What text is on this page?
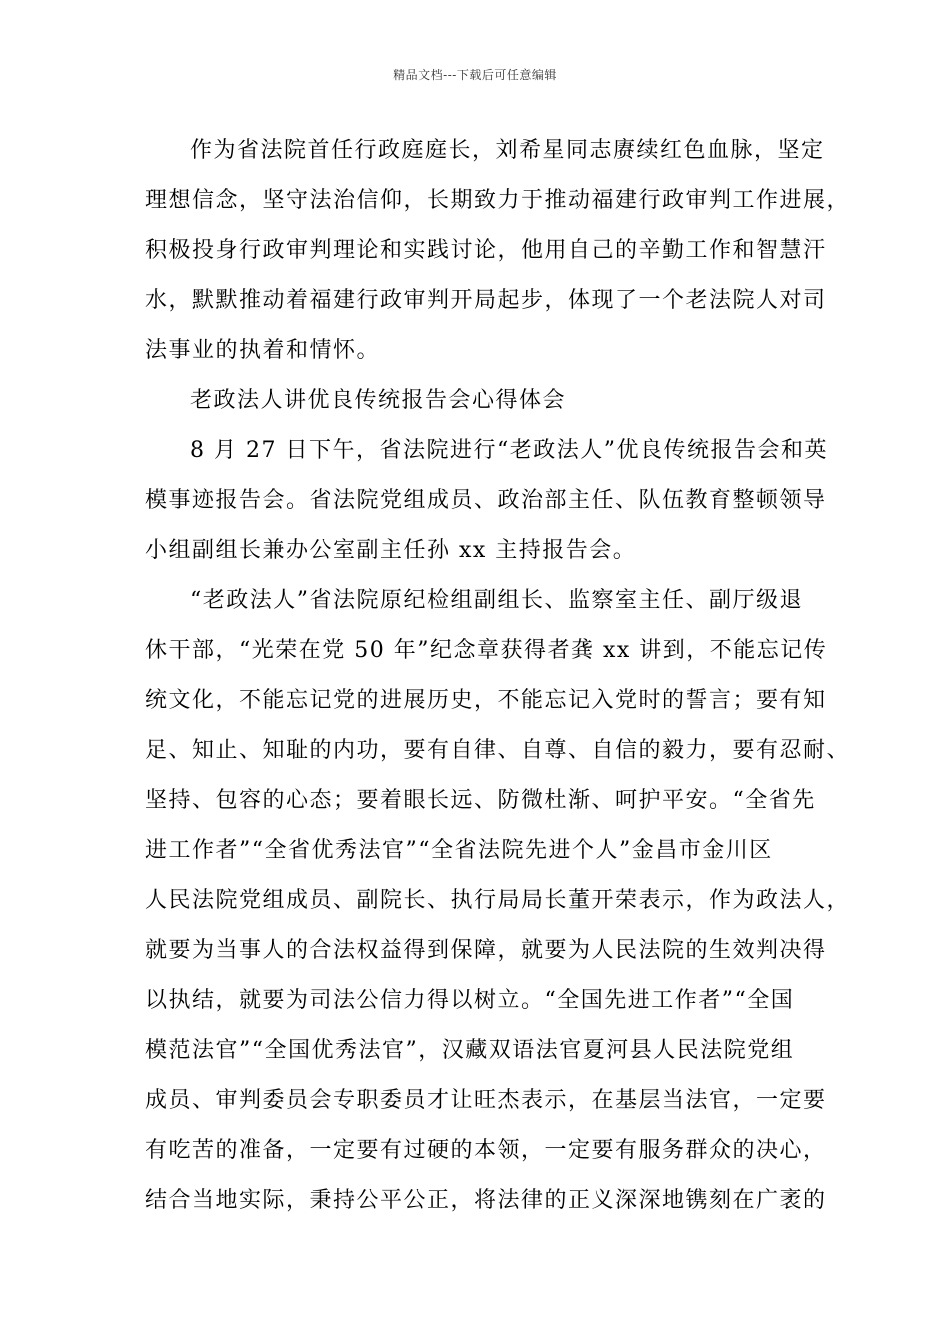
精品文档---下载后可任意编辑
作为省法院首任行政庭庭长，刘希星同志赓续红色血脉，坚定
理想信念，坚守法治信仰，长期致力于推动福建行政审判工作进展，
积极投身行政审判理论和实践讨论，他用自己的辛勤工作和智慧汗
水，默默推动着福建行政审判开局起步，体现了一个老法院人对司
法事业的执着和情怀。
老政法人讲优良传统报告会心得体会
8 月 27 日下午，省法院进行“老政法人”优良传统报告会和英
模事迹报告会。省法院党组成员、政治部主任、队伍教育整顿领导
小组副组长兼办公室副主任孙 xx 主持报告会。
“老政法人”省法院原纪检组副组长、监察室主任、副厅级退
休干部，“光荣在党 50 年”纪念章获得者龚 xx 讲到，不能忘记传
统文化，不能忘记党的进展历史，不能忘记入党时的誓言；要有知
足、知止、知耻的内功，要有自律、自尊、自信的毅力，要有忍耐、
坚持、包容的心态；要着眼长远、防微杜渐、呵护平安。“全省先
进工作者”“全省优秀法官”“全省法院先进个人”金昌市金川区
人民法院党组成员、副院长、执行局局长董开荣表示，作为政法人，
就要为当事人的合法权益得到保障，就要为人民法院的生效判决得
以执结，就要为司法公信力得以树立。“全国先进工作者”“全国
模范法官”“全国优秀法官”，汉藏双语法官夏河县人民法院党组
成员、审判委员会专职委员才让旺杰表示，在基层当法官，一定要
有吃苦的准备，一定要有过硬的本领，一定要有服务群众的决心，
结合当地实际，秉持公平公正，将法律的正义深深地镌刻在广袤的
